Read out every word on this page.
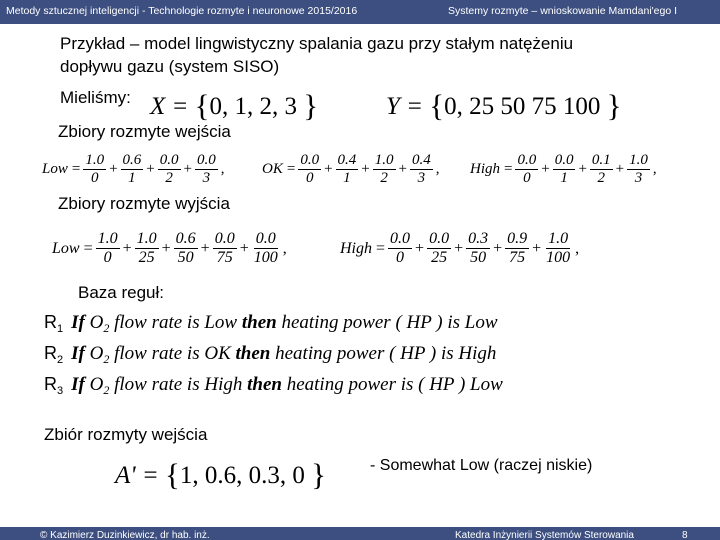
Metody sztucznej inteligencji - Technologie rozmyte i neuronowe 2015/2016	Systemy rozmyte – wnioskowanie Mamdani'ego I
Przykład – model lingwistyczny spalania gazu przy stałym natężeniu
dopływu gazu (system SISO)
Mieliśmy: X = {0, 1, 2, 3 }	Y = {0, 25 50 75 100 }
Zbiory rozmyte wejścia
Low = $\frac{1.0}{0} + \frac{0.6}{1} + \frac{0.0}{2} + \frac{0.0}{3}$ ,	OK = $\frac{0.0}{0} + \frac{0.4}{1} + \frac{1.0}{2} + \frac{0.4}{3}$ , High = $\frac{0.0}{0} + \frac{0.0}{1} + \frac{0.1}{2} + \frac{1.0}{3}$ ,
Zbiory rozmyte wyjścia
Low = $\frac{1.0}{0} + \frac{1.0}{25} + \frac{0.6}{50} + \frac{0.0}{75} + \frac{0.0}{100}$ ,	High = $\frac{0.0}{0} + \frac{0.0}{25} + \frac{0.3}{50} + \frac{0.9}{75} + \frac{1.0}{100}$ ,
Baza reguł:
R 1 If $O_2$ flow rate is Low then heating power ( HP ) is Low
R 2 If $O_2$ flow rate is OK then heating power ( HP ) is High
R 3 If $O_2$ flow rate is High then heating power is ( HP ) Low
Zbiór rozmyty wejścia
A' = {1, 0.6, 0.3, 0 }	- Somewhat Low (raczej niskie)
© Kazimierz Duzinkiewicz, dr hab. inż.	Katedra Inżynierii Systemów Sterowania	8
